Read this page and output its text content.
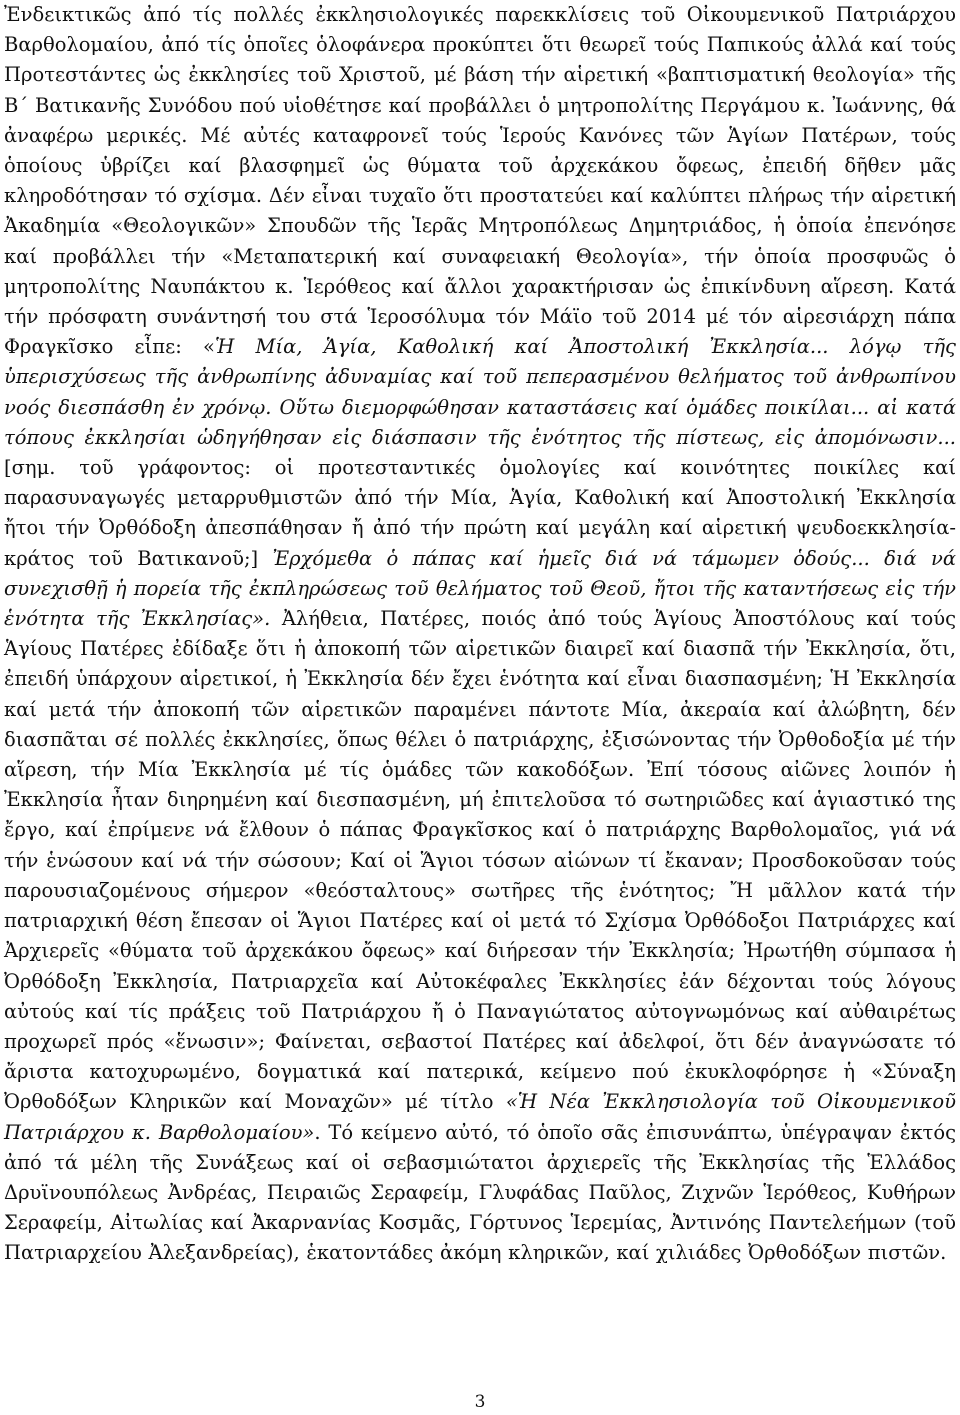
Ἐνδεικτικῶς ἀπό τίς πολλές ἐκκλησιολογικές παρεκκλίσεις τοῦ Οἰκουμενικοῦ Πατριάρχου Βαρθολομαίου, ἀπό τίς ὁποῖες ὁλοφάνερα προκύπτει ὅτι θεωρεῖ τούς Παπικούς ἀλλά καί τούς Προτεστάντες ὡς ἐκκλησίες τοῦ Χριστοῦ, μέ βάση τήν αἱρετική «βαπτισματική θεολογία» τῆς Β΄ Βατικανῆς Συνόδου πού υἱοθέτησε καί προβάλλει ὁ μητροπολίτης Περγάμου κ. Ἰωάννης, θά ἀναφέρω μερικές. Μέ αὐτές καταφρονεῖ τούς Ἱερούς Κανόνες τῶν Ἁγίων Πατέρων, τούς ὁποίους ὑβρίζει καί βλασφημεῖ ὡς θύματα τοῦ ἀρχεκάκου ὄφεως, ἐπειδή δῆθεν μᾶς κληροδότησαν τό σχίσμα. Δέν εἶναι τυχαῖο ὅτι προστατεύει καί καλύπτει πλήρως τήν αἱρετική Ἀκαδημία «Θεολογικῶν» Σπουδῶν τῆς Ἱερᾶς Μητροπόλεως Δημητριάδος, ἡ ὁποία ἐπενόησε καί προβάλλει τήν «Μεταπατερική καί συναφειακή Θεολογία», τήν ὁποία προσφυῶς ὁ μητροπολίτης Ναυπάκτου κ. Ἱερόθεος καί ἄλλοι χαρακτήρισαν ὡς ἐπικίνδυνη αἵρεση. Κατά τήν πρόσφατη συνάντησή του στά Ἱεροσόλυμα τόν Μάϊο τοῦ 2014 μέ τόν αἱρεσιάρχη πάπα Φραγκῖσκο εἶπε: «Ἡ Μία, Ἁγία, Καθολική καί Ἀποστολική Ἐκκλησία... λόγῳ τῆς ὑπερισχύσεως τῆς ἀνθρωπίνης ἀδυναμίας καί τοῦ πεπερασμένου θελήματος τοῦ ἀνθρωπίνου νοός διεσπάσθη ἐν χρόνῳ. Οὕτω διεμορφώθησαν καταστάσεις καί ὁμάδες ποικίλαι... αἱ κατά τόπους ἐκκλησίαι ὡδηγήθησαν εἰς διάσπασιν τῆς ἑνότητος τῆς πίστεως, εἰς ἀπομόνωσιν... [σημ. τοῦ γράφοντος: οἱ προτεσταντικές ὁμολογίες καί κοινότητες ποικίλες καί παρασυναγωγές μεταρρυθμιστῶν ἀπό τήν Μία, Ἁγία, Καθολική καί Ἀποστολική Ἐκκλησία ἤτοι τήν Ὀρθόδοξη ἀπεσπάθησαν ἤ ἀπό τήν πρώτη καί μεγάλη καί αἱρετική ψευδοεκκλησία-κράτος τοῦ Βατικανοῦ;] Ἐρχόμεθα ὁ πάπας καί ἡμεῖς διά νά τάμωμεν ὁδούς... διά νά συνεχισθῇ ἡ πορεία τῆς ἐκπληρώσεως τοῦ θελήματος τοῦ Θεοῦ, ἤτοι τῆς καταντήσεως εἰς τήν ἑνότητα τῆς Ἐκκλησίας». Ἀλήθεια, Πατέρες, ποιός ἀπό τούς Ἁγίους Ἀποστόλους καί τούς Ἁγίους Πατέρες ἐδίδαξε ὅτι ἡ ἀποκοπή τῶν αἱρετικῶν διαιρεῖ καί διασπᾶ τήν Ἐκκλησία, ὅτι, ἐπειδή ὑπάρχουν αἱρετικοί, ἡ Ἐκκλησία δέν ἔχει ἑνότητα καί εἶναι διασπασμένη; Ἡ Ἐκκλησία καί μετά τήν ἀποκοπή τῶν αἱρετικῶν παραμένει πάντοτε Μία, ἀκεραία καί ἀλώβητη, δέν διασπᾶται σέ πολλές ἐκκλησίες, ὅπως θέλει ὁ πατριάρχης, ἐξισώνοντας τήν Ὀρθοδοξία μέ τήν αἵρεση, τήν Μία Ἐκκλησία μέ τίς ὁμάδες τῶν κακοδόξων. Ἐπί τόσους αἰῶνες λοιπόν ἡ Ἐκκλησία ἦταν διηρημένη καί διεσπασμένη, μή ἐπιτελοῦσα τό σωτηριῶδες καί ἁγιαστικό της ἔργο, καί ἐπρίμενε νά ἔλθουν ὁ πάπας Φραγκῖσκος καί ὁ πατριάρχης Βαρθολομαῖος, γιά νά τήν ἑνώσουν καί νά τήν σώσουν; Καί οἱ Ἅγιοι τόσων αἰώνων τί ἔκαναν; Προσδοκοῦσαν τούς παρουσιαζομένους σήμερον «θεόσταλτους» σωτῆρες τῆς ἑνότητος; Ἤ μᾶλλον κατά τήν πατριαρχική θέση ἔπεσαν οἱ Ἅγιοι Πατέρες καί οἱ μετά τό Σχίσμα Ὀρθόδοξοι Πατριάρχες καί Ἀρχιερεῖς «θύματα τοῦ ἀρχεκάκου ὄφεως» καί διήρεσαν τήν Ἐκκλησία; Ἠρωτήθη σύμπασα ἡ Ὀρθόδοξη Ἐκκλησία, Πατριαρχεῖα καί Αὐτοκέφαλες Ἐκκλησίες ἐάν δέχονται τούς λόγους αὐτούς καί τίς πράξεις τοῦ Πατριάρχου ἤ ὁ Παναγιώτατος αὐτογνωμόνως καί αὐθαιρέτως προχωρεῖ πρός «ἕνωσιν»; Φαίνεται, σεβαστοί Πατέρες καί ἀδελφοί, ὅτι δέν ἀναγνώσατε τό ἄριστα κατοχυρωμένο, δογματικά καί πατερικά, κείμενο πού ἐκυκλοφόρησε ἡ «Σύναξη Ὀρθοδόξων Κληρικῶν καί Μοναχῶν» μέ τίτλο «Ἡ Νέα Ἐκκλησιολογία τοῦ Οἰκουμενικοῦ Πατριάρχου κ. Βαρθολομαίου». Τό κείμενο αὐτό, τό ὁποῖο σᾶς ἐπισυνάπτω, ὑπέγραψαν ἐκτός ἀπό τά μέλη τῆς Συνάξεως καί οἱ σεβασμιώτατοι ἀρχιερεῖς τῆς Ἐκκλησίας τῆς Ἑλλάδος Δρυϊνουπόλεως Ἀνδρέας, Πειραιῶς Σεραφείμ, Γλυφάδας Παῦλος, Ζιχνῶν Ἱερόθεος, Κυθήρων Σεραφείμ, Αἰτωλίας καί Ἀκαρνανίας Κοσμᾶς, Γόρτυνος Ἱερεμίας, Ἀντινόης Παντελεήμων (τοῦ Πατριαρχείου Ἀλεξανδρείας), ἑκατοντάδες ἀκόμη κληρικῶν, καί χιλιάδες Ὀρθοδόξων πιστῶν.

3
